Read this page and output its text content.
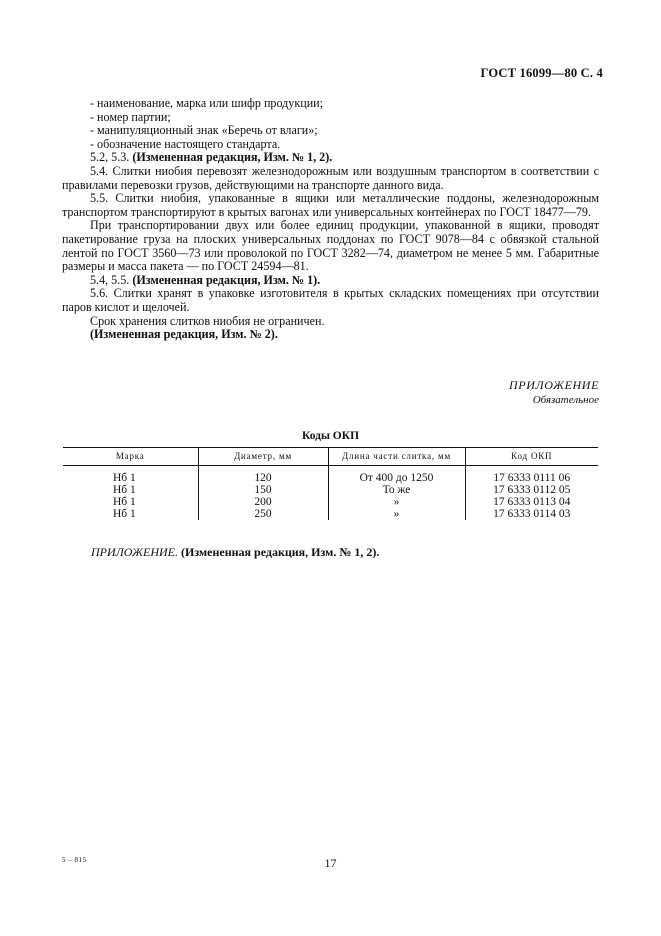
ГОСТ 16099—80 С. 4

- наименование, марка или шифр продукции;

- номер партии;

- манипуляционный знак «Беречь от влаги»;

- обозначение настоящего стандарта.

5.2, 5.3. (Измененная редакция, Изм. № 1, 2).

5.4. Слитки ниобия перевозят железнодорожным или воздушным транспортом в соответствии с правилами перевозки грузов, действующими на транспорте данного вида.

5.5. Слитки ниобия, упакованные в ящики или металлические поддоны, железнодорожным транспортом транспортируют в крытых вагонах или универсальных контейнерах по ГОСТ 18477—79.

При транспортировании двух или более единиц продукции, упакованной в ящики, проводят пакетирование груза на плоских универсальных поддонах по ГОСТ 9078—84 с обвязкой стальной лентой по ГОСТ 3560—73 или проволокой по ГОСТ 3282—74, диаметром не менее 5 мм. Габаритные размеры и масса пакета — по ГОСТ 24594—81.

5.4, 5.5. (Измененная редакция, Изм. № 1).

5.6. Слитки хранят в упаковке изготовителя в крытых складских помещениях при отсутствии паров кислот и щелочей.

Срок хранения слитков ниобия не ограничен.

(Измененная редакция, Изм. № 2).

ПРИЛОЖЕНИЕ
Обязательное
Коды ОКП
Марка	Диаметр, мм	Длина части слитка, мм	Код ОКП
Нб 1	120	От 400 до 1250	17 6333 0111 06
Нб 1	150	То же	17 6333 0112 05
Нб 1	200	»	17 6333 0113 04
Нб 1	250	»	17 6333 0114 03
ПРИЛОЖЕНИЕ. (Измененная редакция, Изм. № 1, 2).
5 – 815	17
